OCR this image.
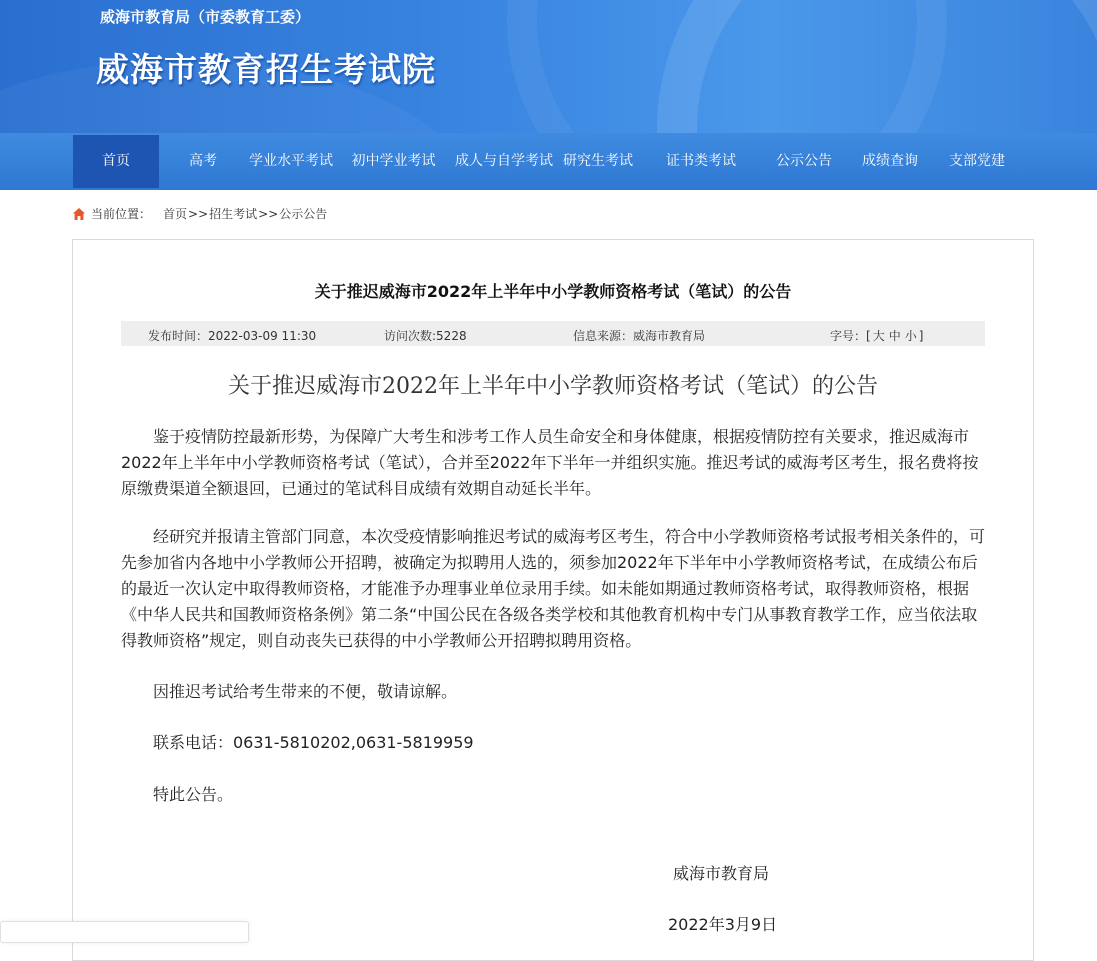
威海市教育局（市委教育工委）
威海市教育招生考试院
首页	高考	学业水平考试	初中学业考试	成人与自学考试 研究生考试	证书类考试	公示公告	成绩查询	支部党建
当前位置： 首页 >> 招生考试 >> 公示公告
关于推迟威海市2022年上半年中小学教师资格考试（笔试）的公告
发布时间：2022-03-09 11:30	访问次数:5228	信息来源：威海市教育局	字号：[ 大 中 小 ]
关于推迟威海市2022年上半年中小学教师资格考试（笔试）的公告

鉴于疫情防控最新形势，为保障广大考生和涉考工作人员生命安全和身体健康，根据疫情防控有关要求，推迟威海市2022年上半年中小学教师资格考试（笔试），合并至2022年下半年一并组织实施。推迟考试的威海考区考生，报名费将按原缴费渠道全额退回，已通过的笔试科目成绩有效期自动延长半年。

经研究并报请主管部门同意，本次受疫情影响推迟考试的威海考区考生，符合中小学教师资格考试报考相关条件的，可先参加省内各地中小学教师公开招聘，被确定为拟聘用人选的，须参加2022年下半年中小学教师资格考试，在成绩公布后的最近一次认定中取得教师资格，才能准予办理事业单位录用手续。如未能如期通过教师资格考试，取得教师资格，根据《中华人民共和国教师资格条例》第二条“中国公民在各级各类学校和其他教育机构中专门从事教育教学工作，应当依法取得教师资格”规定，则自动丧失已获得的中小学教师公开招聘拟聘用资格。

因推迟考试给考生带来的不便，敬请谅解。

联系电话：0631-5810202,0631-5819959

特此公告。

威海市教育局
2022年3月9日
